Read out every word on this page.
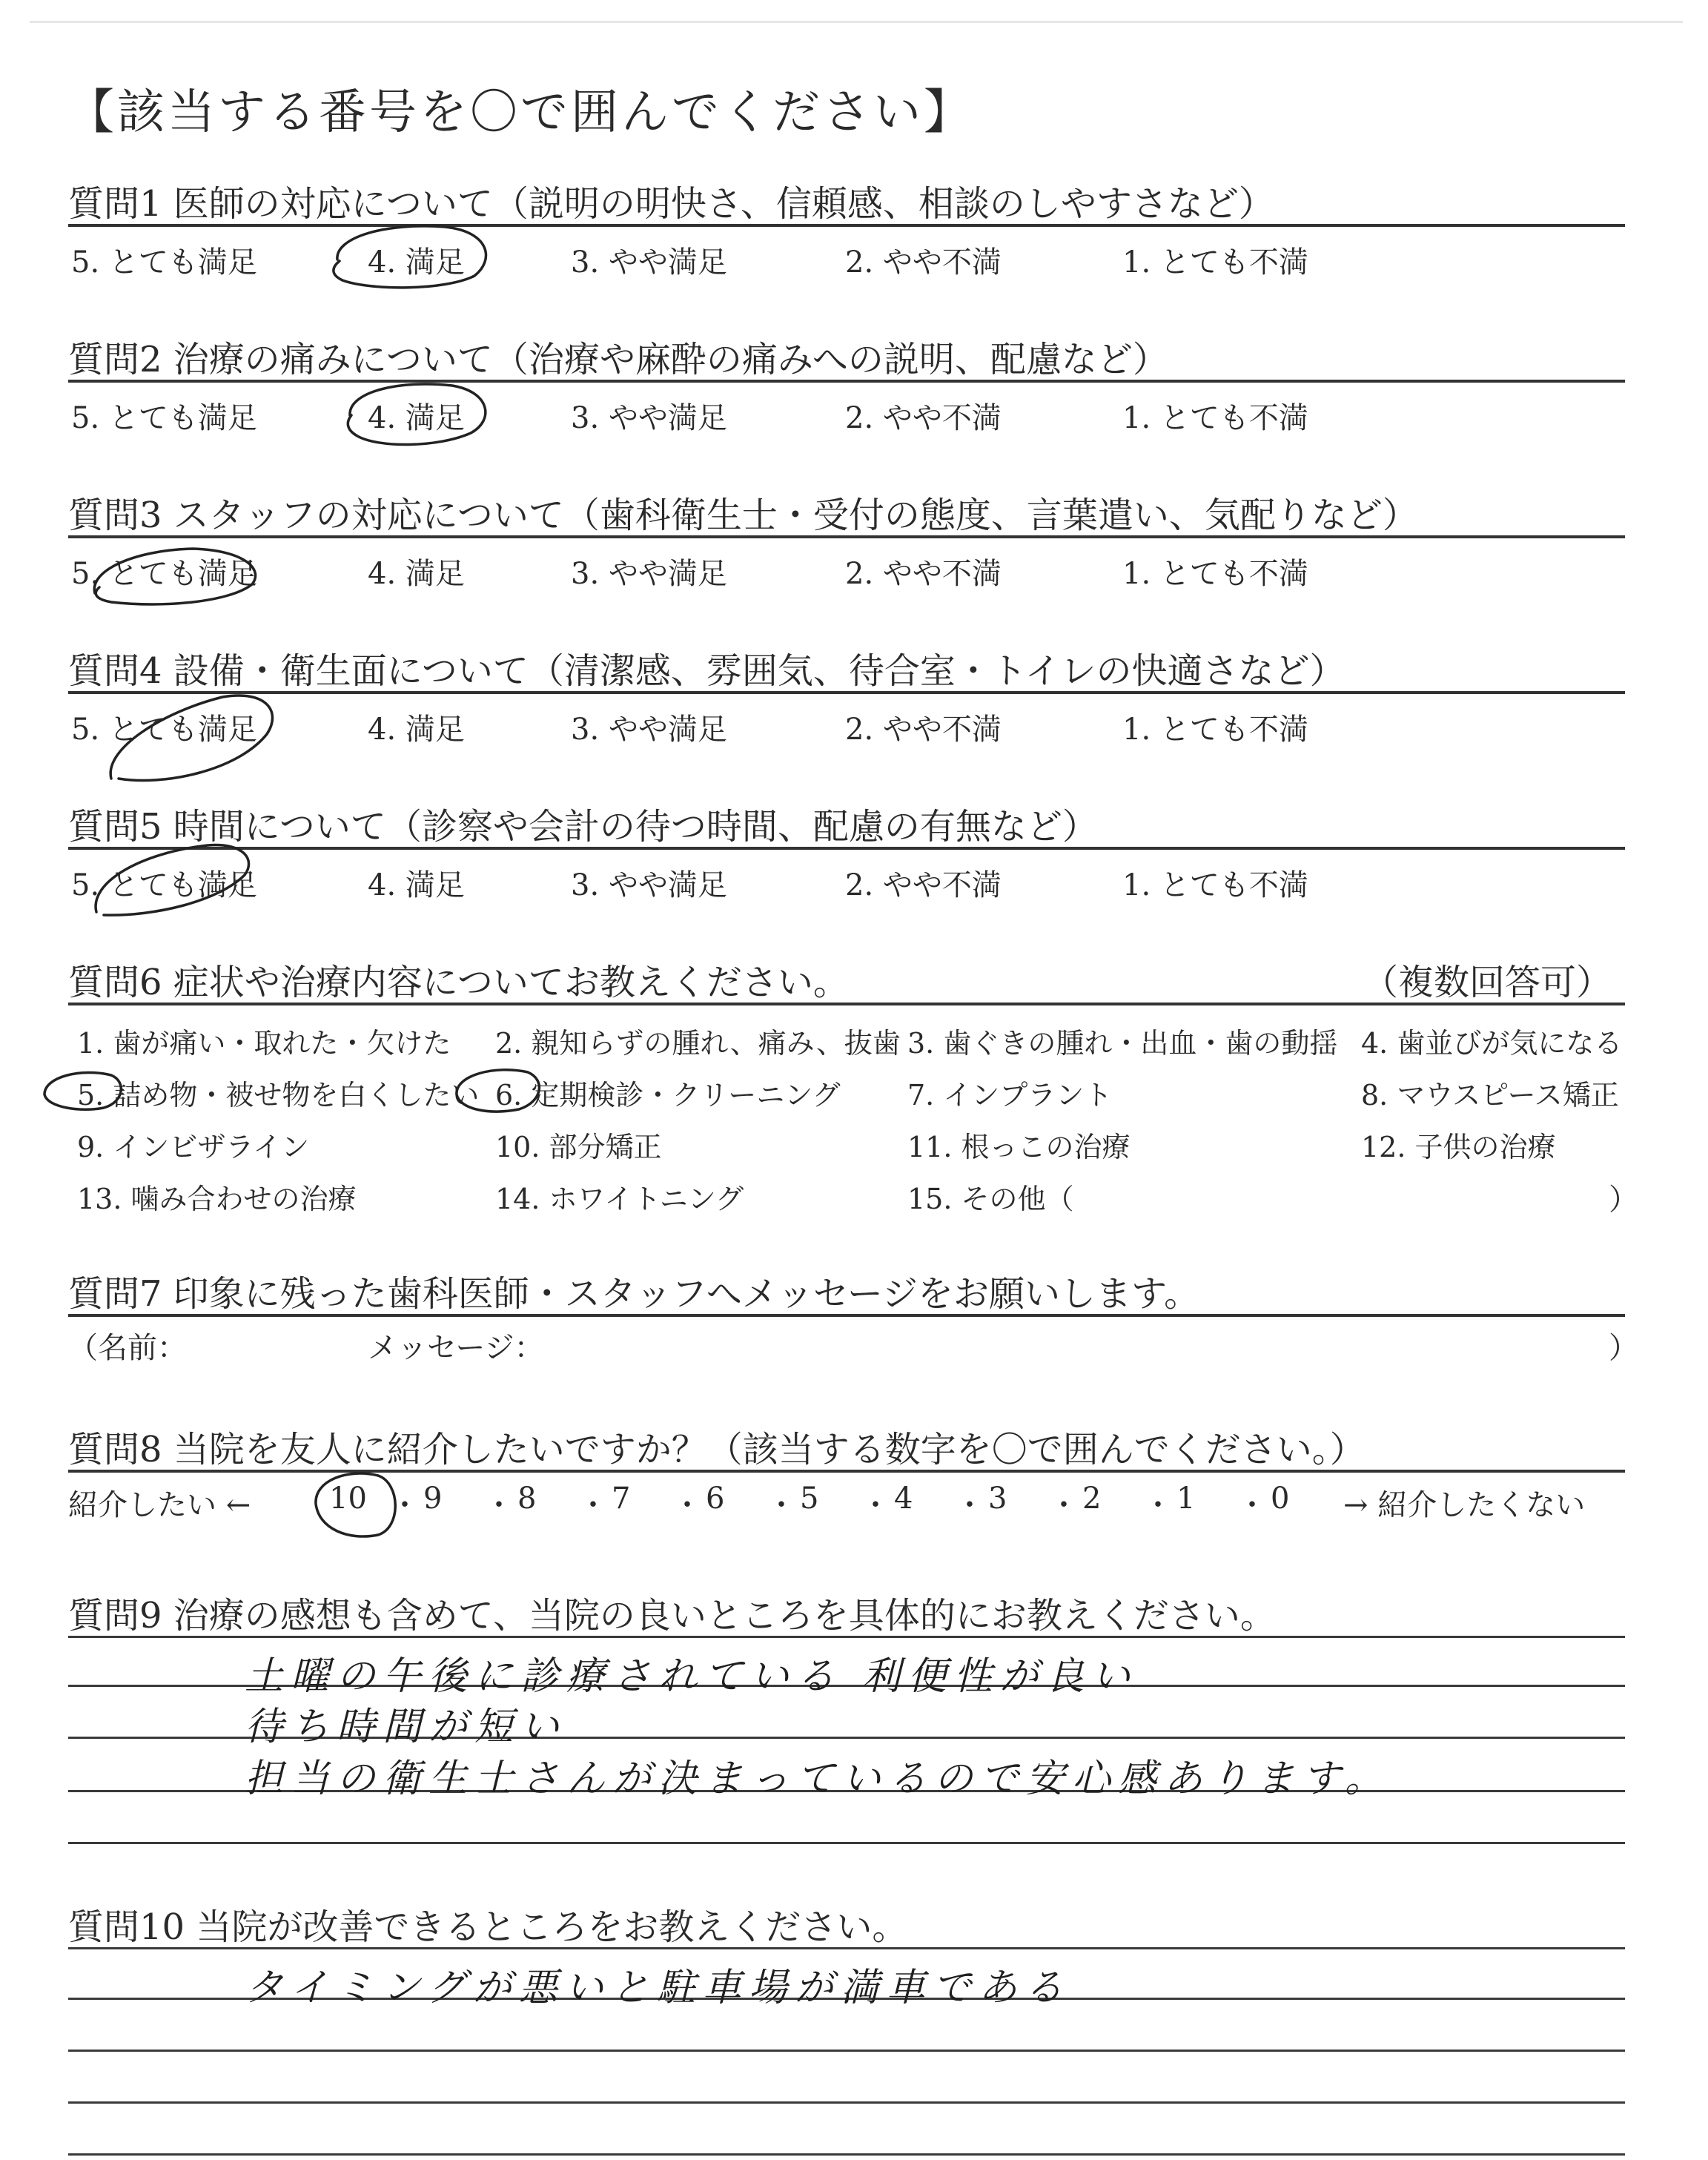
【該当する番号を〇で囲んでください】
質問1 医師の対応について（説明の明快さ、信頼感、相談のしやすさなど）
5. とても満足	4. 満足	3. やや満足	2. やや不満	1. とても不満
質問2 治療の痛みについて（治療や麻酔の痛みへの説明、配慮など）
5. とても満足	4. 満足	3. やや満足	2. やや不満	1. とても不満
質問3 スタッフの対応について（歯科衛生士・受付の態度、言葉遣い、気配りなど）
5. とても満足	4. 満足	3. やや満足	2. やや不満	1. とても不満
質問4 設備・衛生面について（清潔感、雰囲気、待合室・トイレの快適さなど）
5. とても満足	4. 満足	3. やや満足	2. やや不満	1. とても不満
質問5 時間について（診察や会計の待つ時間、配慮の有無など）
5. とても満足	4. 満足	3. やや満足	2. やや不満	1. とても不満
質問6 症状や治療内容についてお教えください。	（複数回答可）
1. 歯が痛い・取れた・欠けた 2. 親知らずの腫れ、痛み、抜歯 3. 歯ぐきの腫れ・出血・歯の動揺 4. 歯並びが気になる
5. 詰め物・被せ物を白くしたい 6. 定期検診・クリーニング 7. インプラント	8. マウスピース矯正
9. インビザライン	10. 部分矯正	11. 根っこの治療	12. 子供の治療
13. 噛み合わせの治療	14. ホワイトニング	15. その他（	）
質問7 印象に残った歯科医師・スタッフへメッセージをお願いします。
（名前：	メッセージ：	）
質問8 当院を友人に紹介したいですか？（該当する数字を〇で囲んでください。）
紹介したい ←	10 ・ 9 ・ 8 ・ 7 ・ 6 ・ 5 ・ 4 ・ 3 ・ 2 ・ 1 ・ 0 → 紹介したくない
質問9 治療の感想も含めて、当院の良いところを具体的にお教えください。
土曜の午後に診療されている 利便性が良い
待ち時間が短い
担当の衛生士さんが決まっているので安心感あります。
質問10 当院が改善できるところをお教えください。
タイミングが悪いと駐車場が満車である
